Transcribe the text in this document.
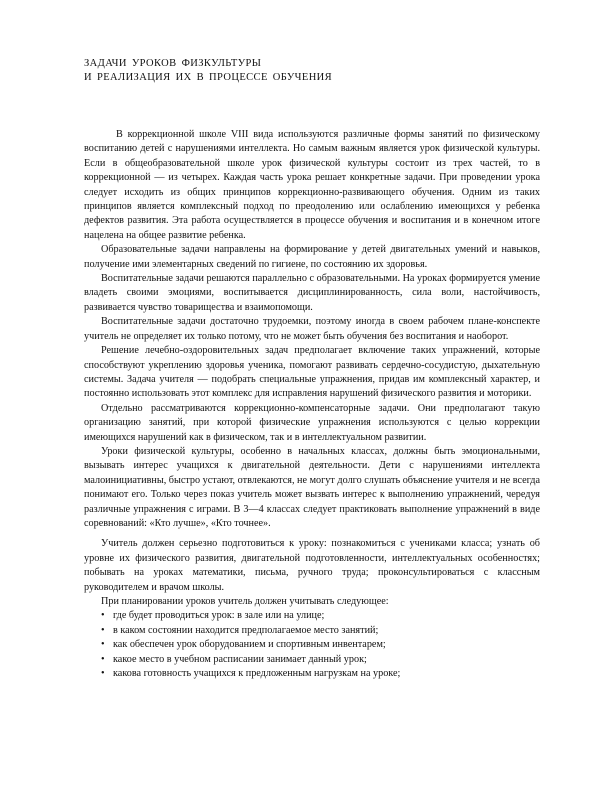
ЗАДАЧИ УРОКОВ ФИЗКУЛЬТУРЫ
И РЕАЛИЗАЦИЯ ИХ В ПРОЦЕССЕ ОБУЧЕНИЯ

В коррекционной школе VIII вида используются различные формы занятий по физическому воспитанию детей с нарушениями интеллекта. Но самым важным является урок физической культуры. Если в общеобразовательной школе урок физической культуры состоит из трех частей, то в коррекционной — из четырех. Каждая часть урока решает конкретные задачи. При проведении урока следует исходить из общих принципов коррекционно-развивающего обучения. Одним из таких принципов является комплексный подход по преодолению или ослаблению имеющихся у ребенка дефектов развития. Эта работа осуществляется в процессе обучения и воспитания и в конечном итоге нацелена на общее развитие ребенка.

Образовательные задачи направлены на формирование у детей двигательных умений и навыков, получение ими элементарных сведений по гигиене, по состоянию их здоровья.

Воспитательные задачи решаются параллельно с образовательными. На уроках формируется умение владеть своими эмоциями, воспитывается дисциплинированность, сила воли, настойчивость, развивается чувство товарищества и взаимопомощи.

Воспитательные задачи достаточно трудоемки, поэтому иногда в своем рабочем плане-конспекте учитель не определяет их только потому, что не может быть обучения без воспитания и наоборот.

Решение лечебно-оздоровительных задач предполагает включение таких упражнений, которые способствуют укреплению здоровья ученика, помогают развивать сердечно-сосудистую, дыхательную системы. Задача учителя — подобрать специальные упражнения, придав им комплексный характер, и постоянно использовать этот комплекс для исправления нарушений физического развития и моторики.

Отдельно рассматриваются коррекционно-компенсаторные задачи. Они предполагают такую организацию занятий, при которой физические упражнения используются с целью коррекции имеющихся нарушений как в физическом, так и в интеллектуальном развитии.

Уроки физической культуры, особенно в начальных классах, должны быть эмоциональными, вызывать интерес учащихся к двигательной деятельности. Дети с нарушениями интеллекта малоинициативны, быстро устают, отвлекаются, не могут долго слушать объяснение учителя и не всегда понимают его. Только через показ учитель может вызвать интерес к выполнению упражнений, чередуя различные упражнения с играми. В 3—4 классах следует практиковать выполнение упражнений в виде соревнований: «Кто лучше», «Кто точнее».

Учитель должен серьезно подготовиться к уроку: познакомиться с учениками класса; узнать об уровне их физического развития, двигательной подготовленности, интеллектуальных особенностях; побывать на уроках математики, письма, ручного труда; проконсультироваться с классным руководителем и врачом школы.

При планировании уроков учитель должен учитывать следующее:

• где будет проводиться урок: в зале или на улице;
• в каком состоянии находится предполагаемое место занятий;
• как обеспечен урок оборудованием и спортивным инвентарем;
• какое место в учебном расписании занимает данный урок;
• какова готовность учащихся к предложенным нагрузкам на уроке;
